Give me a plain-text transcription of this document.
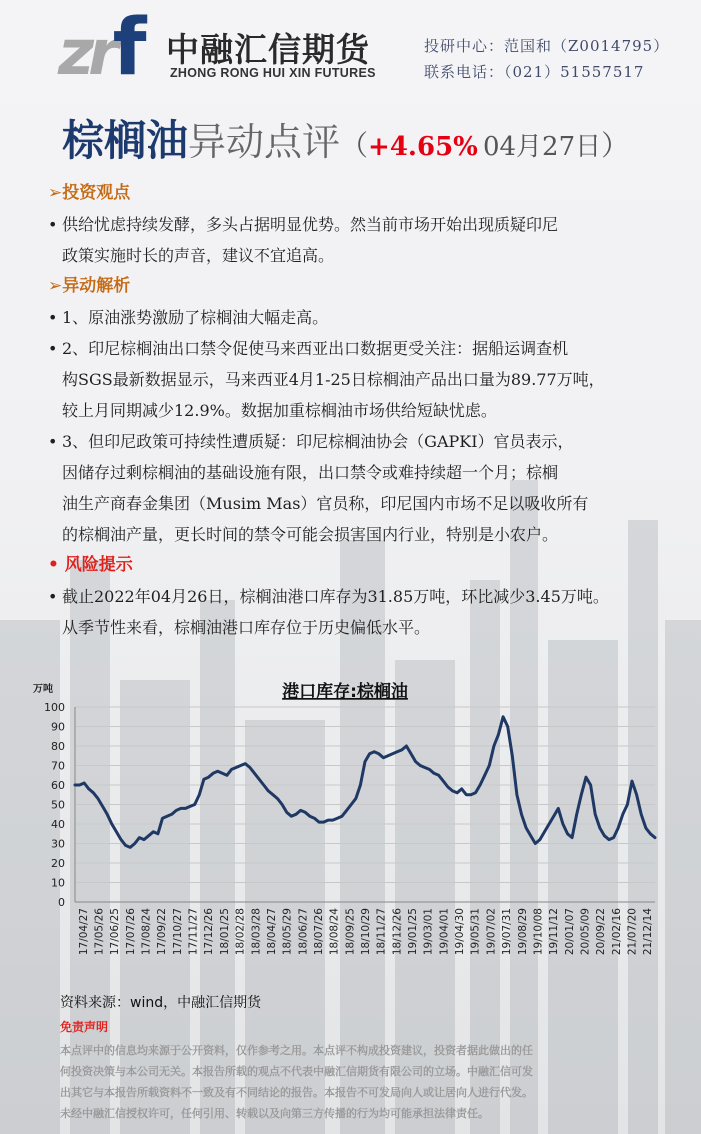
zrf 中融汇信期货
ZHONG RONG HUI XIN FUTURES
投研中心：范国和（Z0014795）
联系电话：（021）51557517
棕榈油异动点评（+4.65% 04月27日）
➢投资观点
• 供给忧虑持续发酵，多头占据明显优势。然当前市场开始出现质疑印尼
政策实施时长的声音，建议不宜追高。
➢异动解析
• 1、原油涨势激励了棕榈油大幅走高。
• 2、印尼棕榈油出口禁令促使马来西亚出口数据更受关注：据船运调查机
构SGS最新数据显示，马来西亚4月1-25日棕榈油产品出口量为89.77万吨，
较上月同期减少12.9%。数据加重棕榈油市场供给短缺忧虑。
• 3、但印尼政策可持续性遭质疑：印尼棕榈油协会（GAPKI）官员表示，
因储存过剩棕榈油的基础设施有限，出口禁令或难持续超一个月；棕榈
油生产商春金集团（Musim Mas）官员称，印尼国内市场不足以吸收所有
的棕榈油产量，更长时间的禁令可能会损害国内行业，特别是小农户。
• 风险提示
• 截止2022年04月26日，棕榈油港口库存为31.85万吨，环比减少3.45万吨。
从季节性来看，棕榈油港口库存位于历史偏低水平。
港口库存:棕榈油
万吨
0
10
20
30
40
50
60
70
80
90
100
17/04/27 17/05/26 17/06/25 17/07/26 17/08/24 17/09/22 17/10/27 17/11/27 17/12/26 18/01/25 18/02/28 18/03/28 18/04/27 18/05/29 18/06/27 18/07/26 18/08/24 18/09/25 18/10/29 18/11/27 18/12/26 19/01/25 19/03/01 19/04/01 19/04/30 19/05/31 19/07/02 19/07/31 19/08/29 19/10/08 19/11/12 20/01/07 20/05/09 20/09/22 21/02/16 21/07/20 21/12/14
资料来源：wind，中融汇信期货
免责声明
本点评中的信息均来源于公开资料，仅作参考之用。本点评不构成投资建议，投资者据此做出的任
何投资决策与本公司无关。本报告所载的观点不代表中融汇信期货有限公司的立场。中融汇信可发
出其它与本报告所载资料不一致及有不同结论的报告。本报告不可发局向人或让居向人进行代发。
未经中融汇信授权许可，任何引用、转载以及向第三方传播的行为均可能承担法律责任。
